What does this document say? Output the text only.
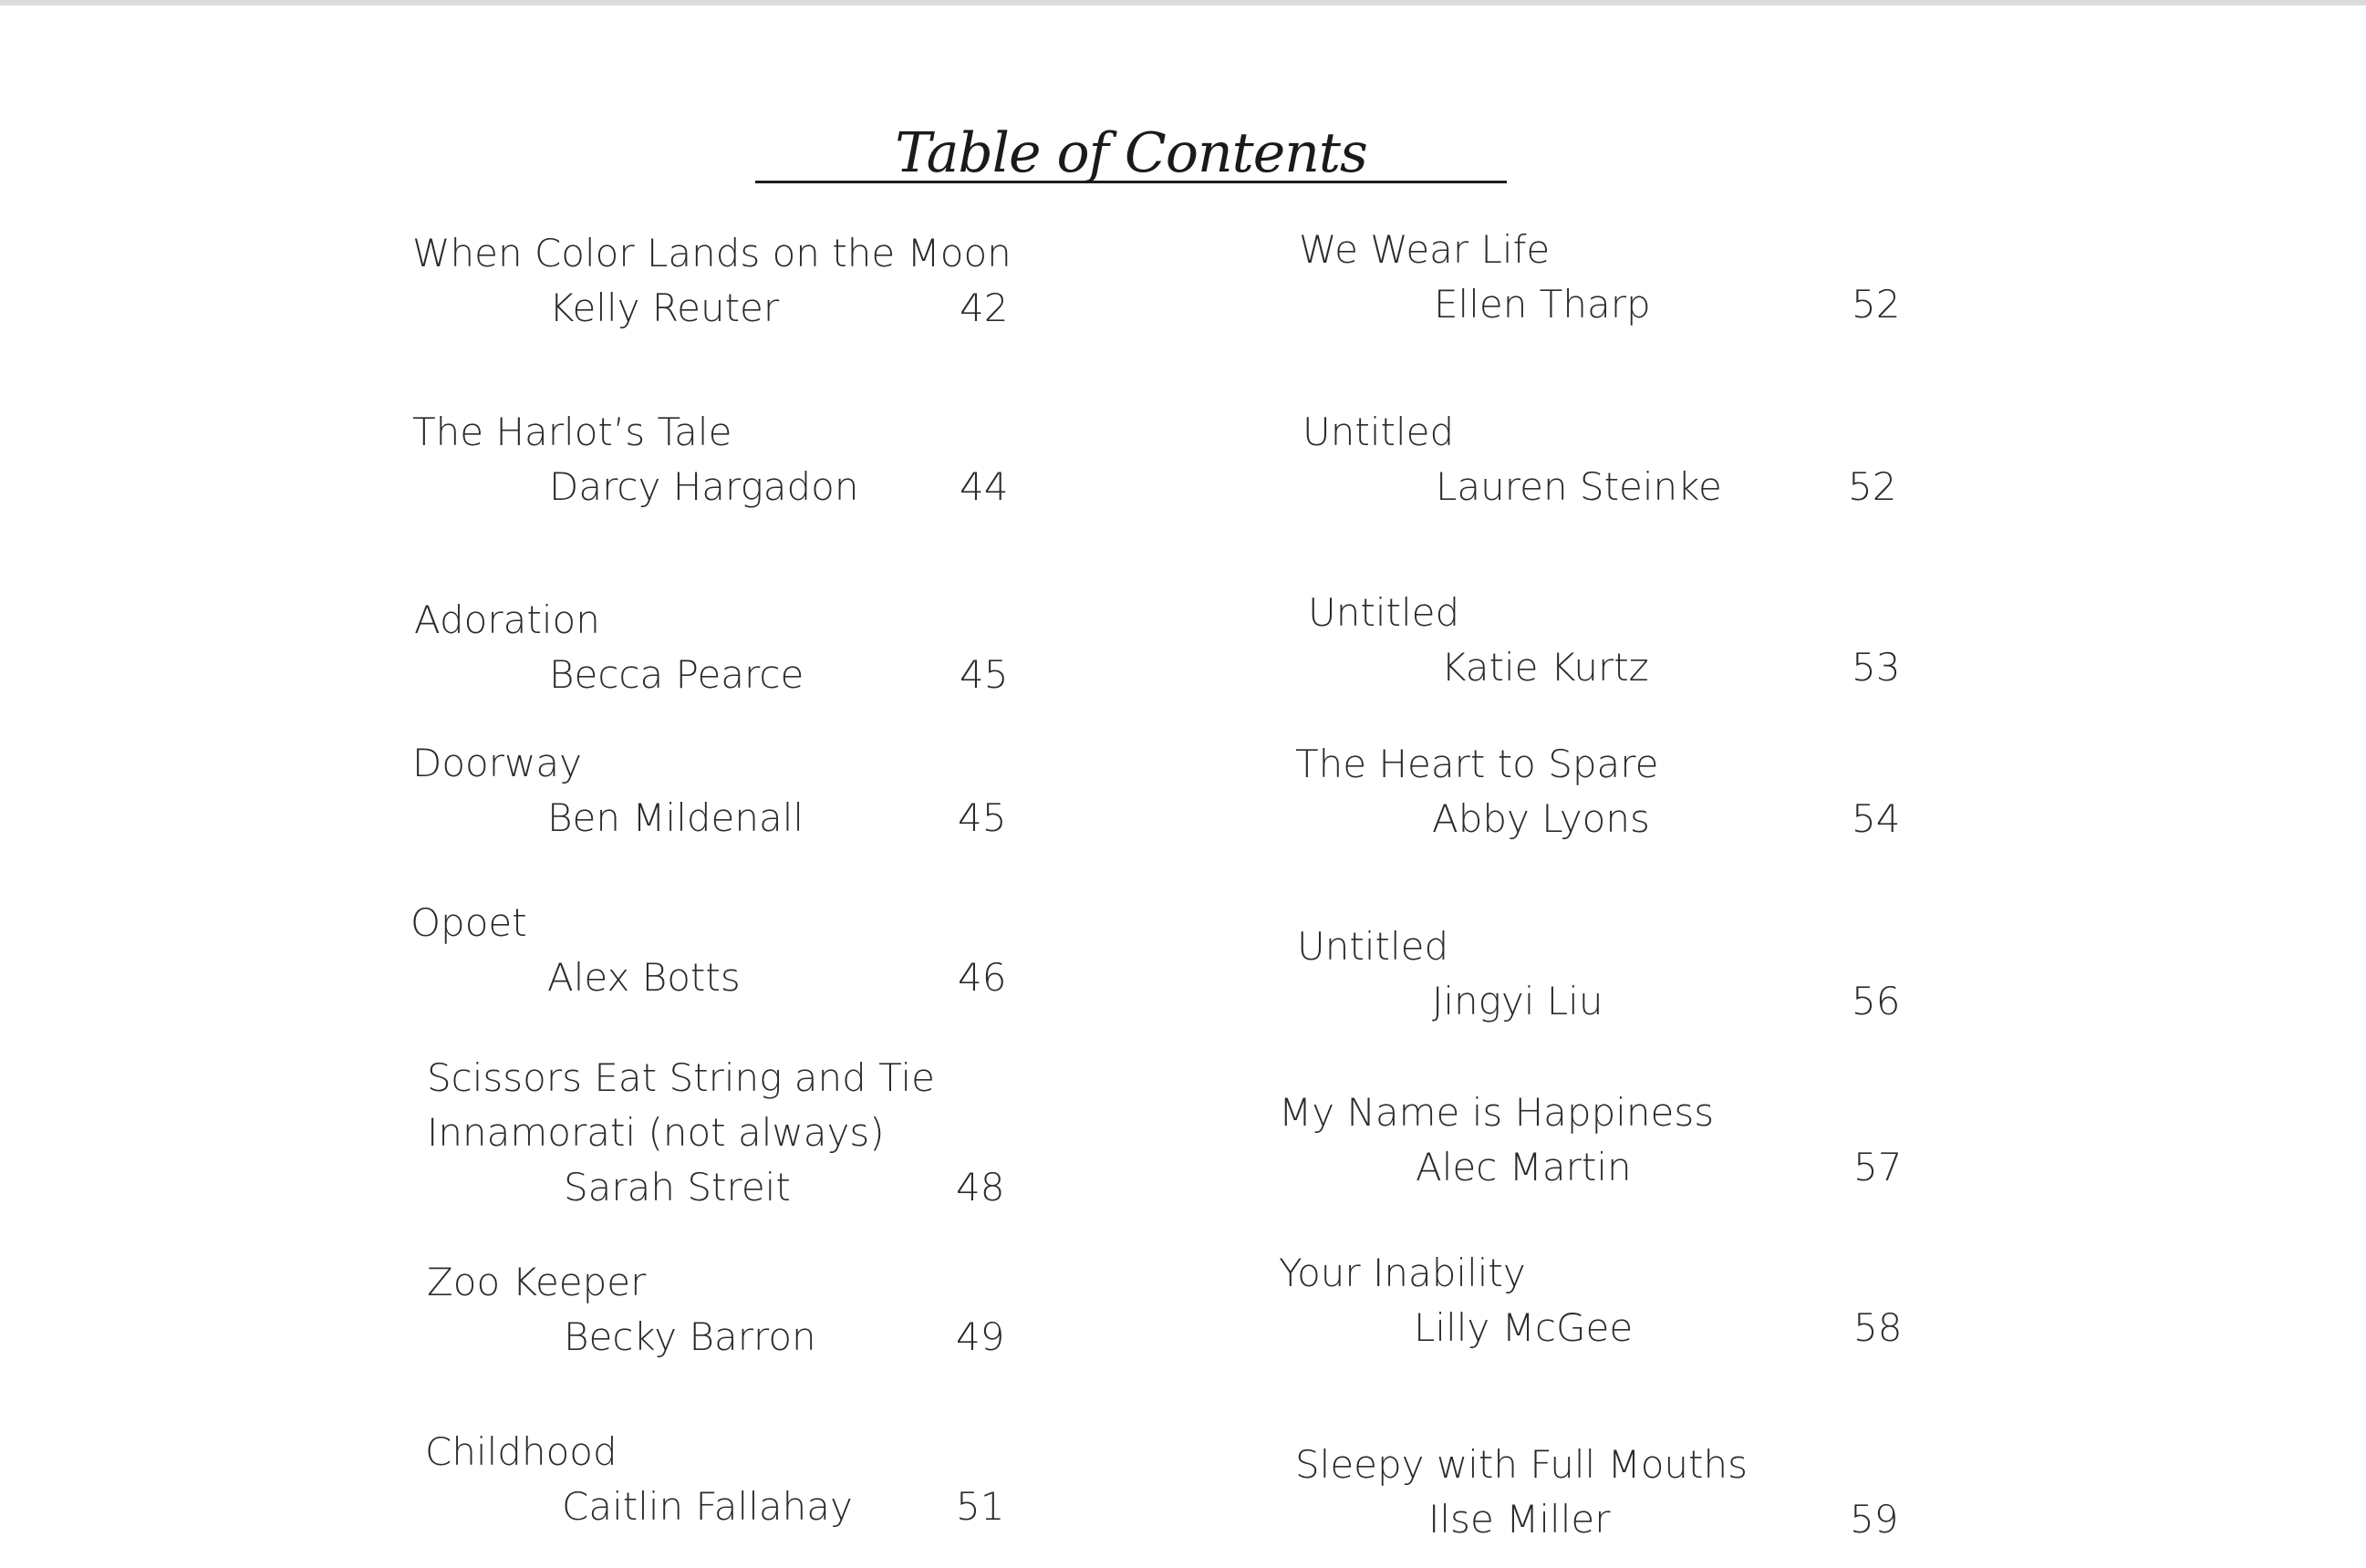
Table of Contents
When Color Lands on the Moon
Kelly Reuter	42
The Harlot’s Tale
Darcy Hargadon	44
Adoration
Becca Pearce	45
Doorway
Ben Mildenall	45
Opoet
Alex Botts	46
Scissors Eat String and Tie
Innamorati (not always)
Sarah Streit	48
Zoo Keeper
Becky Barron	49
Childhood
Caitlin Fallahay	51
We Wear Life
Ellen Tharp	52
Untitled
Lauren Steinke	52
Untitled
Katie Kurtz	53
The Heart to Spare
Abby Lyons	54
Untitled
Jingyi Liu	56
My Name is Happiness
Alec Martin	57
Your Inability
Lilly McGee	58
Sleepy with Full Mouths
Ilse Miller	59
